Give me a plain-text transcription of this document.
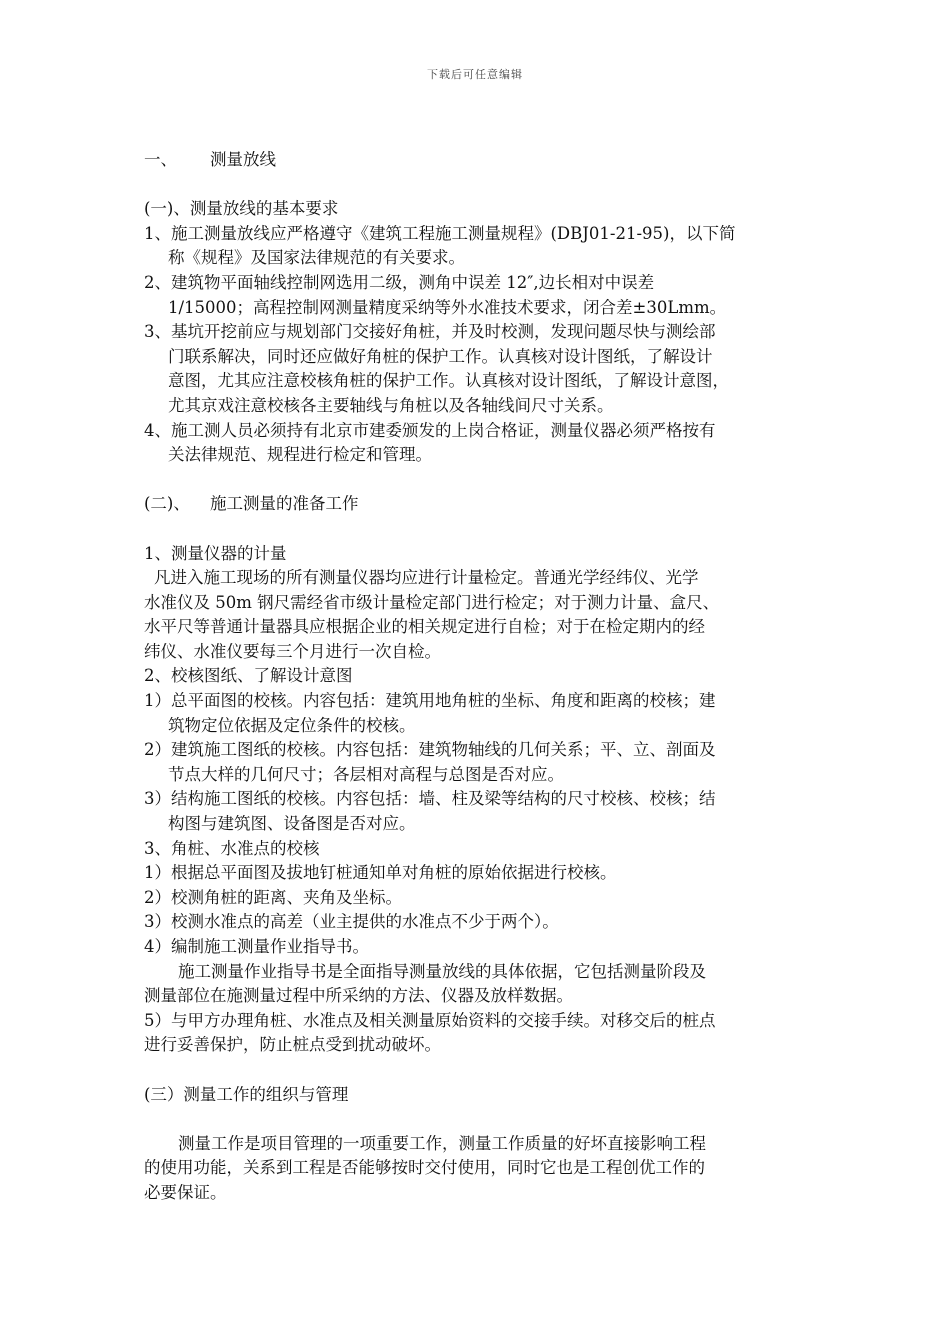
下载后可任意编辑
一、 测量放线
(一)、测量放线的基本要求
1、施工测量放线应严格遵守《建筑工程施工测量规程》(DBJ01-21-95)，以下简
称《规程》及国家法律规范的有关要求。
2、建筑物平面轴线控制网选用二级，测角中误差 12″,边长相对中误差
1/15000；高程控制网测量精度采纳等外水准技术要求，闭合差±30Lmm。
3、基坑开挖前应与规划部门交接好角桩，并及时校测，发现问题尽快与测绘部
门联系解决，同时还应做好角桩的保护工作。认真核对设计图纸，了解设计
意图，尤其应注意校核角桩的保护工作。认真核对设计图纸，了解设计意图，
尤其京戏注意校核各主要轴线与角桩以及各轴线间尺寸关系。
4、施工测人员必须持有北京市建委颁发的上岗合格证，测量仪器必须严格按有
关法律规范、规程进行检定和管理。
(二)、 施工测量的准备工作
1、测量仪器的计量
凡进入施工现场的所有测量仪器均应进行计量检定。普通光学经纬仪、光学
水准仪及 50m 钢尺需经省市级计量检定部门进行检定；对于测力计量、盒尺、
水平尺等普通计量器具应根据企业的相关规定进行自检；对于在检定期内的经
纬仪、水准仪要每三个月进行一次自检。
2、校核图纸、了解设计意图
1）总平面图的校核。内容包括：建筑用地角桩的坐标、角度和距离的校核；建
筑物定位依据及定位条件的校核。
2）建筑施工图纸的校核。内容包括：建筑物轴线的几何关系；平、立、剖面及
节点大样的几何尺寸；各层相对高程与总图是否对应。
3）结构施工图纸的校核。内容包括：墙、柱及梁等结构的尺寸校核、校核；结
构图与建筑图、设备图是否对应。
3、角桩、水准点的校核
1）根据总平面图及拔地钉桩通知单对角桩的原始依据进行校核。
2）校测角桩的距离、夹角及坐标。
3）校测水准点的高差（业主提供的水准点不少于两个）。
4）编制施工测量作业指导书。
施工测量作业指导书是全面指导测量放线的具体依据，它包括测量阶段及
测量部位在施测量过程中所采纳的方法、仪器及放样数据。
5）与甲方办理角桩、水准点及相关测量原始资料的交接手续。对移交后的桩点
进行妥善保护，防止桩点受到扰动破坏。
(三）测量工作的组织与管理
测量工作是项目管理的一项重要工作，测量工作质量的好坏直接影响工程
的使用功能，关系到工程是否能够按时交付使用，同时它也是工程创优工作的
必要保证。
